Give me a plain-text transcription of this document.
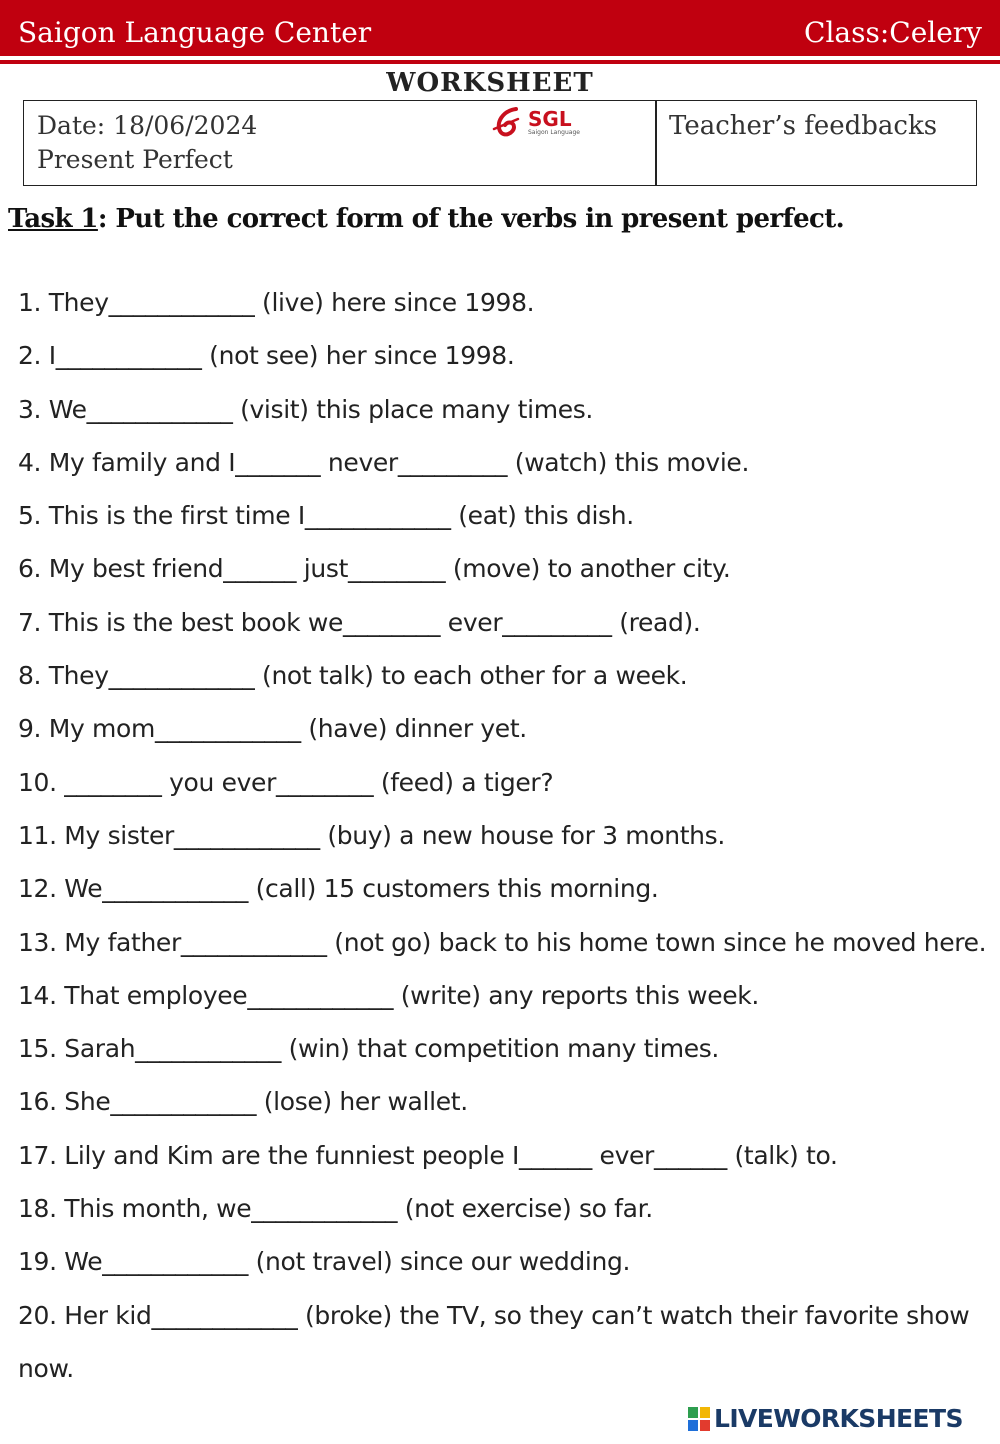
Saigon Language Center	Class:Celery
WORKSHEET
Date: 18/06/2024
Present Perfect
SGL
Saigon Language	Teacher’s feedbacks
Task 1: Put the correct form of the verbs in present perfect.
1. They____________ (live) here since 1998.
2. I____________ (not see) her since 1998.
3. We____________ (visit) this place many times.
4. My family and I_______ never_________ (watch) this movie.
5. This is the first time I____________ (eat) this dish.
6. My best friend______ just________ (move) to another city.
7. This is the best book we________ ever_________ (read).
8. They____________ (not talk) to each other for a week.
9. My mom____________ (have) dinner yet.
10. ________ you ever________ (feed) a tiger?
11. My sister____________ (buy) a new house for 3 months.
12. We____________ (call) 15 customers this morning.
13. My father____________ (not go) back to his home town since he moved here.
14. That employee____________ (write) any reports this week.
15. Sarah____________ (win) that competition many times.
16. She____________ (lose) her wallet.
17. Lily and Kim are the funniest people I______ ever______ (talk) to.
18. This month, we____________ (not exercise) so far.
19. We____________ (not travel) since our wedding.
20. Her kid____________ (broke) the TV, so they can’t watch their favorite show now.
LIVEWORKSHEETS
